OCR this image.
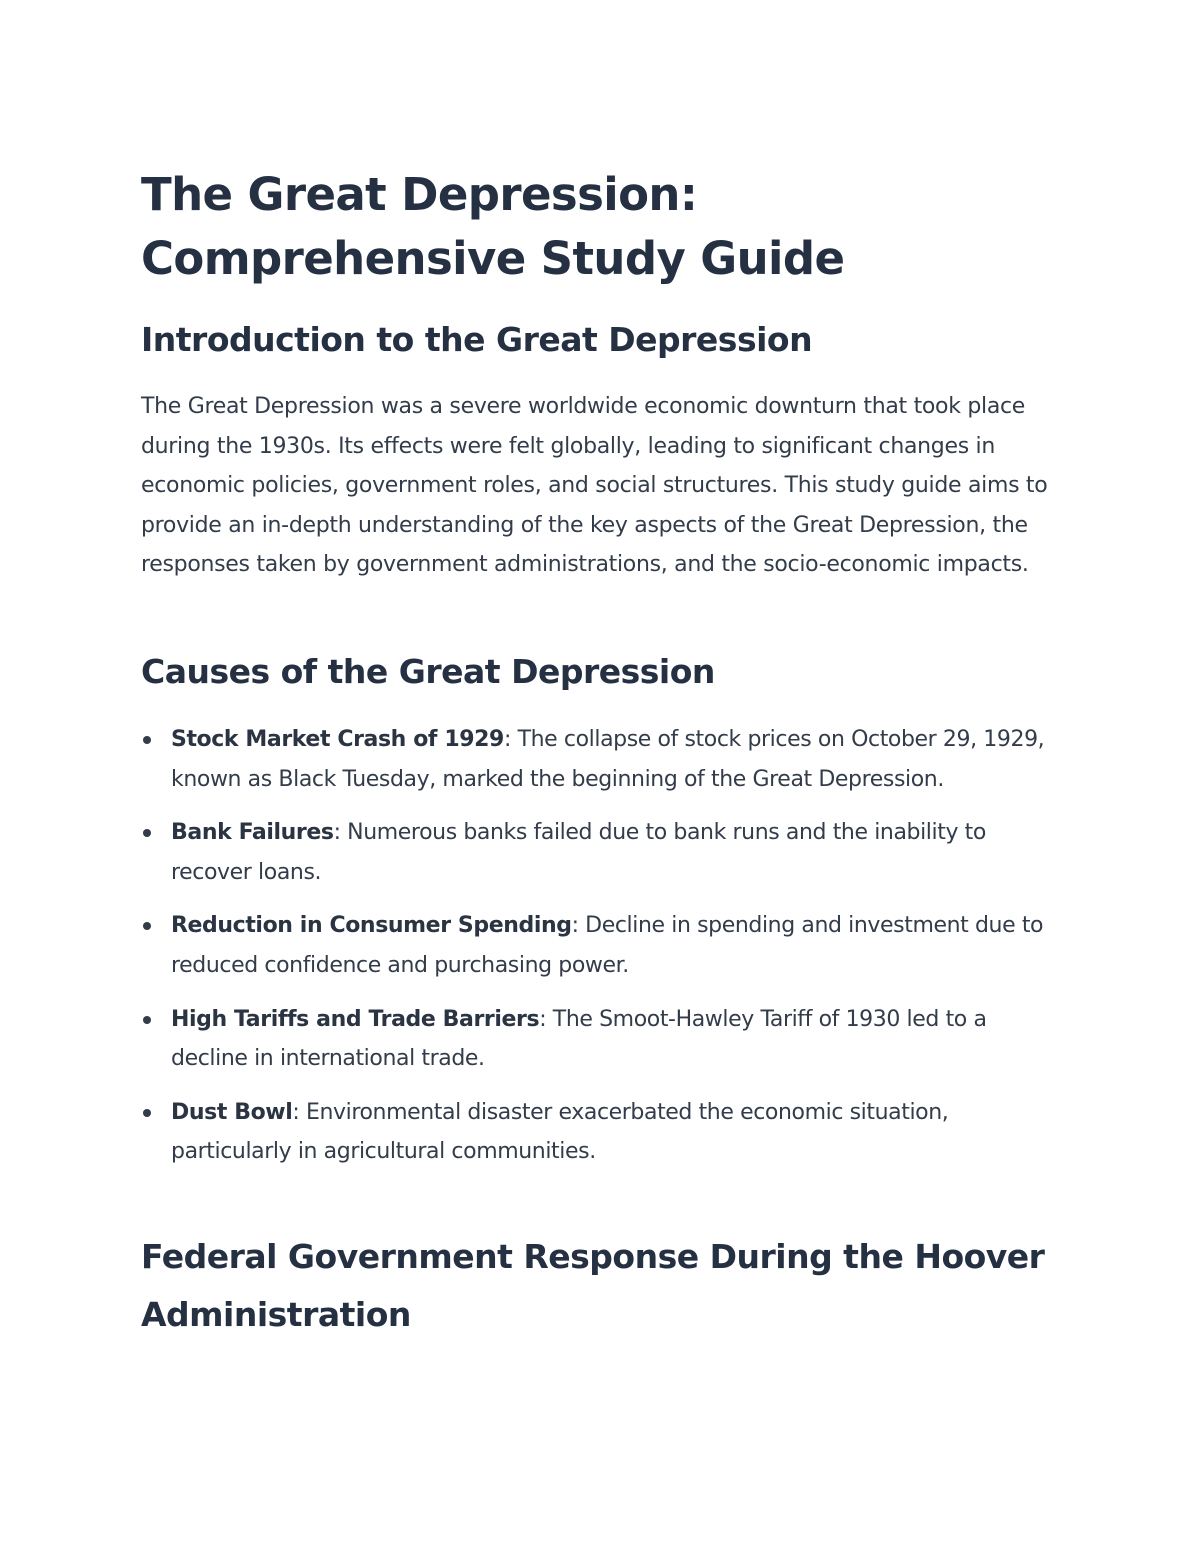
The Great Depression: Comprehensive Study Guide
Introduction to the Great Depression

The Great Depression was a severe worldwide economic downturn that took place during the 1930s. Its effects were felt globally, leading to significant changes in economic policies, government roles, and social structures. This study guide aims to provide an in-depth understanding of the key aspects of the Great Depression, the responses taken by government administrations, and the socio-economic impacts.

Causes of the Great Depression
Stock Market Crash of 1929: The collapse of stock prices on October 29, 1929, known as Black Tuesday, marked the beginning of the Great Depression.
Bank Failures: Numerous banks failed due to bank runs and the inability to recover loans.
Reduction in Consumer Spending: Decline in spending and investment due to reduced confidence and purchasing power.
High Tariffs and Trade Barriers: The Smoot-Hawley Tariff of 1930 led to a decline in international trade.
Dust Bowl: Environmental disaster exacerbated the economic situation, particularly in agricultural communities.
Federal Government Response During the Hoover Administration
